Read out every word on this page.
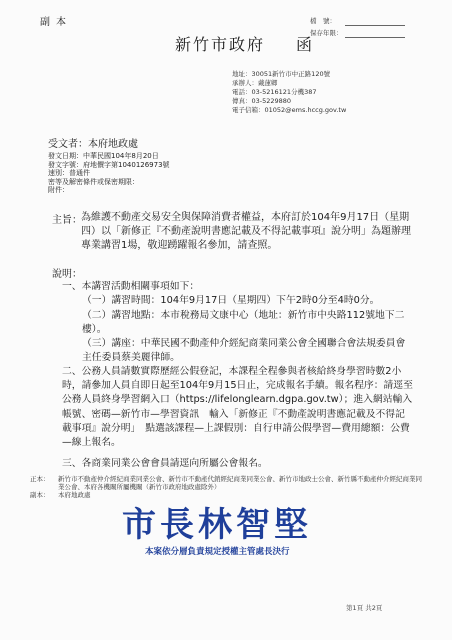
副本	檔　號：
保存年限：
新竹市政府 函
地址：30051新竹市中正路120號
承辦人：戴蓮卿
電話：03-5216121分機387
傳真：03-5229880
電子信箱：01052@ems.hccg.gov.tw
受文者：本府地政處
發文日期：中華民國104年8月20日
發文字號：府地價字第1040126973號
速別：普通件
密等及解密條件或保密期限：
附件：
主旨： 為維護不動產交易安全與保障消費者權益，本府訂於104年9月17日（星期四）以「新修正『不動產說明書應記載及不得記載事項』說分明」為題辦理專業講習1場，敬迎踴躍報名參加，請查照。
說明：
一、本講習活動相關事項如下：
（一）講習時間：104年9月17日（星期四）下午2時0分至4時0分。
（二）講習地點：本市稅務局文康中心（地址：新竹市中央路112號地下二樓）。
（三）講座：中華民國不動產仲介經紀商業同業公會全國聯合會法規委員會主任委員蔡美麗律師。
二、公務人員請數實際歷經公假登記，本課程全程參與者核給終身學習時數2小時，請參加人員自即日起至104年9月15日止，完成報名手續。報名程序：請逕至公務人員終身學習網入口（https://lifelonglearn.dgpa.gov.tw）；進入網站輸入帳號、密碼—新竹市—學習資訊　輸入「新修正『不動產說明書應記載及不得記載事項』說分明」　點選該課程—上課假別：自行申請公假學習—費用總額：公費—線上報名。
三、各商業同業公會會員請逕向所屬公會報名。
正本： 新竹市不動產仲介經紀商業同業公會、新竹市不動產代銷經紀商業同業公會、新竹市地政士公會、新竹縣不動產仲介經紀商業同業公會、本府各機關所屬機關（新竹市政府地政處除外）
副本： 本府地政處
市長林智堅
本案依分層負責規定授權主管處長決行
第1頁 共2頁
